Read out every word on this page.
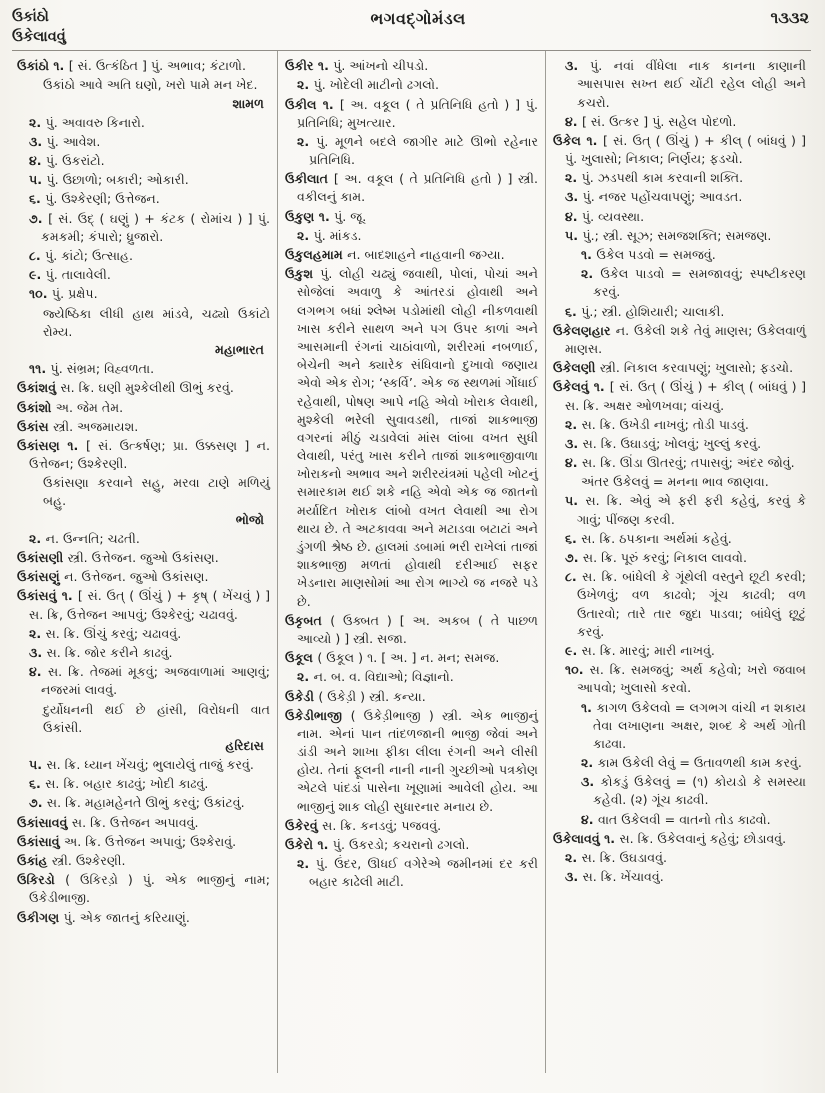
ઉકાંઠો
ઉકેલાવવું
ભગવદ્ગોમંડલ	૧૩૩૨

ઉકાંઠો ૧. [ સં. ઉત્કંઠિત ] પું. અભાવ; કંટાળો.

ઉકાંઠો આવે અતિ ઘણો, ખરો પામે મન ખેદ.
શામળ

૨. પું. અવાવરુ કિનારો.

૩. પું. આવેશ.

૪. પું. ઉકરાંટો.

૫. પું. ઉછાળો; બકારી; ઓકારી.

૬. પું. ઉશ્કેરણી; ઉત્તેજન.

૭. [ સં. ઉદ્ ( ઘણું ) + કંટક ( રોમાંચ ) ] પું. કમકમી; કંપારો; ધ્રુજારો.

૮. પું. કાંટો; ઉત્સાહ.

૯. પું. તાલાવેલી.

૧૦. પું. પ્રક્ષેપ.

જ્યેષ્ઠિકા લીધી હાથ માંડવે, ચઢ્યો ઉકાંટો રોમ્ય.
મહાભારત

૧૧. પું. સંભ્રમ; વિહ્વળતા.

ઉકાંશવું સ. ક્રિ. ઘણી મુશ્કેલીથી ઊભું કરવું.

ઉકાંશો અ. જેમ તેમ.

ઉકાંસ સ્ત્રી. અજમાયશ.

ઉકાંસણ ૧. [ સં. ઉત્કર્ષણ; પ્રા. ઉક્કસણ ] ન. ઉત્તેજન; ઉશ્કેરણી.

ઉકાંસણા કરવાને સહુ, મરવા ટાણે મળિયું બહુ.
ભોજો

૨. ન. ઉન્નતિ; ચઢતી.

ઉકાંસણી સ્ત્રી. ઉત્તેજન. જુઓ ઉકાંસણ.

ઉકાંસણું ન. ઉત્તેજન. જુઓ ઉકાંસણ.

ઉકાંસવું ૧. [ સં. ઉત્ ( ઊંચું ) + કૃષ્ ( ખેંચવું ) ] સ. ક્રિ, ઉત્તેજન આપવું; ઉશ્કેરવું; ચઢાવવું.

૨. સ. ક્રિ. ઊંચું કરવું; ચઢાવવું.

૩. સ. ક્રિ. જોર કરીને કાઢવું.

૪. સ. ક્રિ. તેજમાં મૂકવું; અજવાળામાં આણવું; નજરમાં લાવવું.

દુર્યોધનની થઈ છે હાંસી, વિરોધની વાત ઉકાંસી.
હરિદાસ

૫. સ. ક્રિ. ધ્યાન ખેંચવું; ભુલાયેલું તાજું કરવું.

૬. સ. ક્રિ. બહાર કાઢવું; ખોદી કાઢવું.

૭. સ. ક્રિ. મહામહેનતે ઊભું કરવું; ઉકાંટવું.

ઉકાંસાવવું સ. ક્રિ. ઉત્તેજન અપાવવું.

ઉકાંસાવું અ. ક્રિ. ઉત્તેજન અપાવું; ઉશ્કેરાવું.

ઉકાંહ સ્ત્રી. ઉશ્કેરણી.

ઉકિરડો ( ઉકિરડ઼ો ) પું. એક ભાજીનું નામ; ઉકેડીભાજી.

ઉકીગણ પું. એક જાતનું કરિયાણું.

ઉકીર ૧. પું. આંખનો ચીપડો.

૨. પું. ખોદેલી માટીનો ઢગલો.

ઉકીલ ૧. [ અ. વકૂલ ( તે પ્રતિનિધિ હતો ) ] પું. પ્રતિનિધિ; મુખત્યાર.

૨. પું. મૂળને બદલે જાગીર માટે ઊભો રહેનાર પ્રતિનિધિ.

ઉકીલાત [ અ. વકૂલ ( તે પ્રતિનિધિ હતો ) ] સ્ત્રી. વકીલનું કામ.

ઉકુણ ૧. પું. જૂ.

૨. પું. માંકડ.

ઉકુલહમામ ન. બાદશાહને નાહવાની જગ્યા.

ઉકુશ પું. લોહી ચઢ્યું જવાથી, પોલાં, પોચાં અને સોજેલાં અવાળુ કે આંતરડાં હોવાથી અને લગભગ બધાં શ્લેષ્મ પડોમાંથી લોહી નીકળવાથી ખાસ કરીને સાથળ અને પગ ઉપર કાળાં અને આસમાની રંગનાં ચાઠાંવાળો, શરીરમાં નબળાઈ, બેચેની અને ક્યારેક સંધિવાનો દુખાવો જણાય એવો એક રોગ; ‘સ્કર્વિ’. એક જ સ્થળમાં ગોંધાઈ રહેવાથી, પોષણ આપે નહિ એવો ખોરાક લેવાથી, મુશ્કેલી ભરેલી સુવાવડથી, તાજાં શાકભાજી વગરનાં મીઠું ચડાવેલાં માંસ લાંબા વખત સુધી લેવાથી, પરંતુ ખાસ કરીને તાજાં શાકભાજીવાળા ખોરાકનો અભાવ અને શરીરયંત્રમાં પહેલી ખોટનું સમારકામ થઈ શકે નહિ એવો એક જ જાતનો મર્યાદિત ખોરાક લાંબો વખત લેવાથી આ રોગ થાય છે. તે અટકાવવા અને મટાડવા બટાટાં અને ડુંગળી શ્રેષ્ઠ છે. હાલમાં ડબામાં ભરી રાખેલાં તાજાં શાકભાજી મળતાં હોવાથી દરીઆઈ સફર ખેડનારા માણસોમાં આ રોગ ભાગ્યે જ નજરે પડે છે.

ઉકૃબત ( ઉક્બત ) [ અ. અકબ ( તે પાછળ આવ્યો ) ] સ્ત્રી. સજા.

ઉકૂલ ( ઉકૂલ ) ૧. [ અ. ] ન. મન; સમજ.

૨. ન. બ. વ. વિદ્યાઓ; વિજ્ઞાનો.

ઉકેડી ( ઉકેડ઼ી ) સ્ત્રી. કન્યા.

ઉકેડીભાજી ( ઉકેડ઼ીભાજી ) સ્ત્રી. એક ભાજીનું નામ. એનાં પાન તાંદળજાની ભાજી જેવાં અને ડાંડી અને શાખા ફીકા લીલા રંગની અને લીસી હોય. તેનાં ફૂલની નાની નાની ગુચ્છીઓ પત્રકોણ એટલે પાંદડાં પાસેના ખૂણામાં આવેલી હોય. આ ભાજીનું શાક લોહી સુધારનાર મનાય છે.

ઉકેરવું સ. ક્રિ. કનડવું; પજવવું.

ઉકેરો ૧. પું. ઉકરડો; કચરાનો ઢગલો.

૨. પું. ઉંદર, ઊધઈ વગેરેએ જમીનમાં દર કરી બહાર કાઢેલી માટી.

૩. પું. નવાં વીંધેલા નાક કાનના કાણાની આસપાસ સખ્ત થઈ ચોંટી રહેલ લોહી અને કચરો.

૪. [ સં. ઉત્કર ] પું. સહેલ પોદળો.

ઉકેલ ૧. [ સં. ઉત્ ( ઊંચું ) + કીલ્ ( બાંધવું ) ] પું. ખુલાસો; નિકાલ; નિર્ણય; ફડચો.

૨. પું. ઝડપથી કામ કરવાની શક્તિ.

૩. પું. નજર પહોંચવાપણું; આવડત.

૪. પું. વ્યવસ્થા.

૫. પું.; સ્ત્રી. સૂઝ; સમજશક્તિ; સમજણ.

૧. ઉકેલ પડવો = સમજવું.

૨. ઉકેલ પાડવો = સમજાવવું; સ્પષ્ટીકરણ કરવું.

૬. પું.; સ્ત્રી. હોશિયારી; ચાલાકી.

ઉકેલણહાર ન. ઉકેલી શકે તેવું માણસ; ઉકેલવાળું માણસ.

ઉકેલણી સ્ત્રી. નિકાલ કરવાપણું; ખુલાસો; ફડચો.

ઉકેલવું ૧. [ સં. ઉત્ ( ઊંચું ) + કીલ્ ( બાંધવું ) ] સ. ક્રિ. અક્ષર ઓળખવા; વાંચવું.

૨. સ. ક્રિ. ઉખેડી નાખવું; તોડી પાડવું.

૩. સ. ક્રિ. ઉઘાડવું; ખોલવું; ખુલ્લું કરવું.

૪. સ. ક્રિ. ઊંડા ઊતરવું; તપાસવું; અંદર જોવું.

અંતર ઉકેલવું = મનના ભાવ જાણવા.

૫. સ. ક્રિ. એવું એ ફરી ફરી કહેવું, કરવું કે ગાવું; પીંજણ કરવી.

૬. સ. ક્રિ. ઠપકાના અર્થમાં કહેવું.

૭. સ. ક્રિ. પૂરું કરવું; નિકાલ લાવવો.

૮. સ. ક્રિ. બાંધેલી કે ગૂંથેલી વસ્તુને છૂટી કરવી; ઉખેળવું; વળ કાઢવો; ગૂંચ કાઢવી; વળ ઉતારવો; તારે તાર જુદા પાડવા; બાંધેલું છૂટું કરવું.

૯. સ. ક્રિ. મારવું; મારી નાખવું.

૧૦. સ. ક્રિ. સમજવું; અર્થ કહેવો; ખરો જવાબ આપવો; ખુલાસો કરવો.

૧. કાગળ ઉકેલવો = લગભગ વાંચી ન શકાય તેવા લખાણના અક્ષર, શબ્દ કે અર્થ ગોતી કાઢવા.

૨. કામ ઉકેલી લેવું = ઉતાવળથી કામ કરવું.

૩. કોકડું ઉકેલવું = (૧) કોયડો કે સમસ્યા કહેવી. (૨) ગૂંચ કાઢવી.

૪. વાત ઉકેલવી = વાતનો તોડ કાઢવો.

ઉકેલાવવું ૧. સ. ક્રિ. ઉકેલવાનું કહેવું; છોડાવવું.

૨. સ. ક્રિ. ઉઘડાવવું.

૩. સ. ક્રિ. ખેંચાવવું.
